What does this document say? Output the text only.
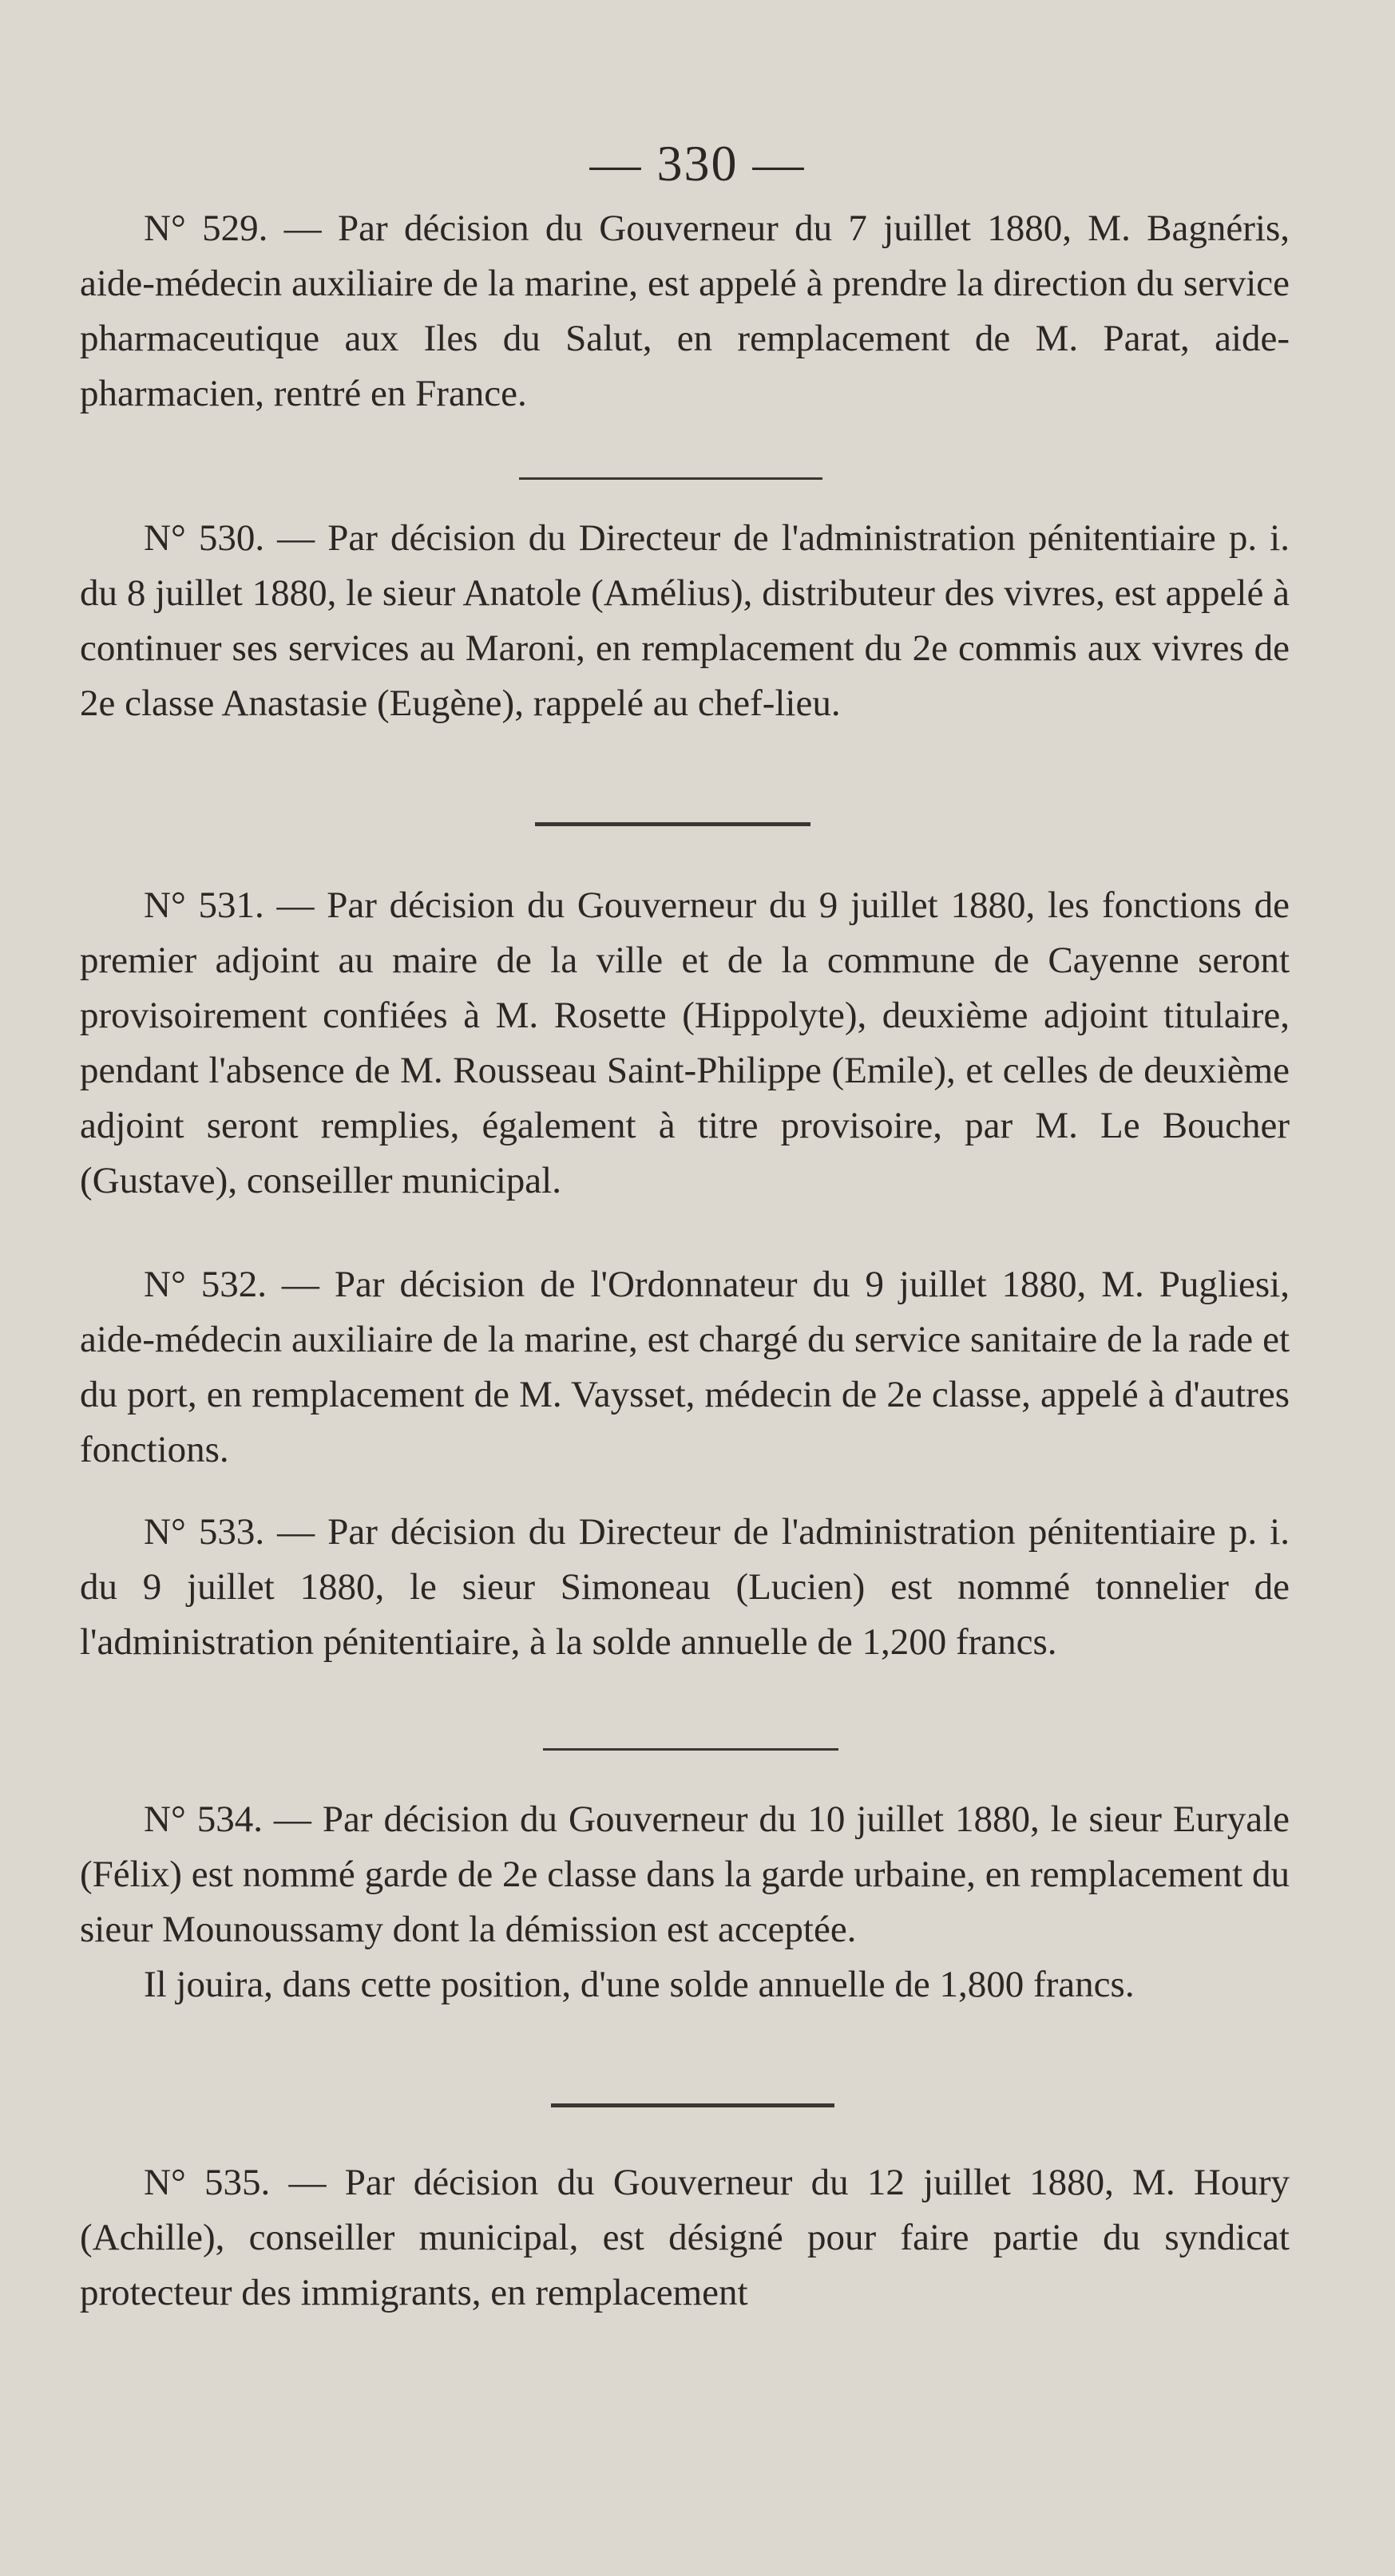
— 330 —

N° 529. — Par décision du Gouverneur du 7 juillet 1880, M. Bagnéris, aide-médecin auxiliaire de la marine, est appelé à prendre la direction du service pharmaceutique aux Iles du Salut, en remplacement de M. Parat, aide-pharmacien, rentré en France.

N° 530. — Par décision du Directeur de l'administration pénitentiaire p. i. du 8 juillet 1880, le sieur Anatole (Amélius), distributeur des vivres, est appelé à continuer ses services au Maroni, en remplacement du 2e commis aux vivres de 2e classe Anastasie (Eugène), rappelé au chef-lieu.

N° 531. — Par décision du Gouverneur du 9 juillet 1880, les fonctions de premier adjoint au maire de la ville et de la commune de Cayenne seront provisoirement confiées à M. Rosette (Hippolyte), deuxième adjoint titulaire, pendant l'absence de M. Rousseau Saint-Philippe (Emile), et celles de deuxième adjoint seront remplies, également à titre provisoire, par M. Le Boucher (Gustave), conseiller municipal.

N° 532. — Par décision de l'Ordonnateur du 9 juillet 1880, M. Pugliesi, aide-médecin auxiliaire de la marine, est chargé du service sanitaire de la rade et du port, en remplacement de M. Vaysset, médecin de 2e classe, appelé à d'autres fonctions.

N° 533. — Par décision du Directeur de l'administration pénitentiaire p. i. du 9 juillet 1880, le sieur Simoneau (Lucien) est nommé tonnelier de l'administration pénitentiaire, à la solde annuelle de 1,200 francs.

N° 534. — Par décision du Gouverneur du 10 juillet 1880, le sieur Euryale (Félix) est nommé garde de 2e classe dans la garde urbaine, en remplacement du sieur Mounoussamy dont la démission est acceptée.

Il jouira, dans cette position, d'une solde annuelle de 1,800 francs.

N° 535. — Par décision du Gouverneur du 12 juillet 1880, M. Houry (Achille), conseiller municipal, est désigné pour faire partie du syndicat protecteur des immigrants, en remplacement
